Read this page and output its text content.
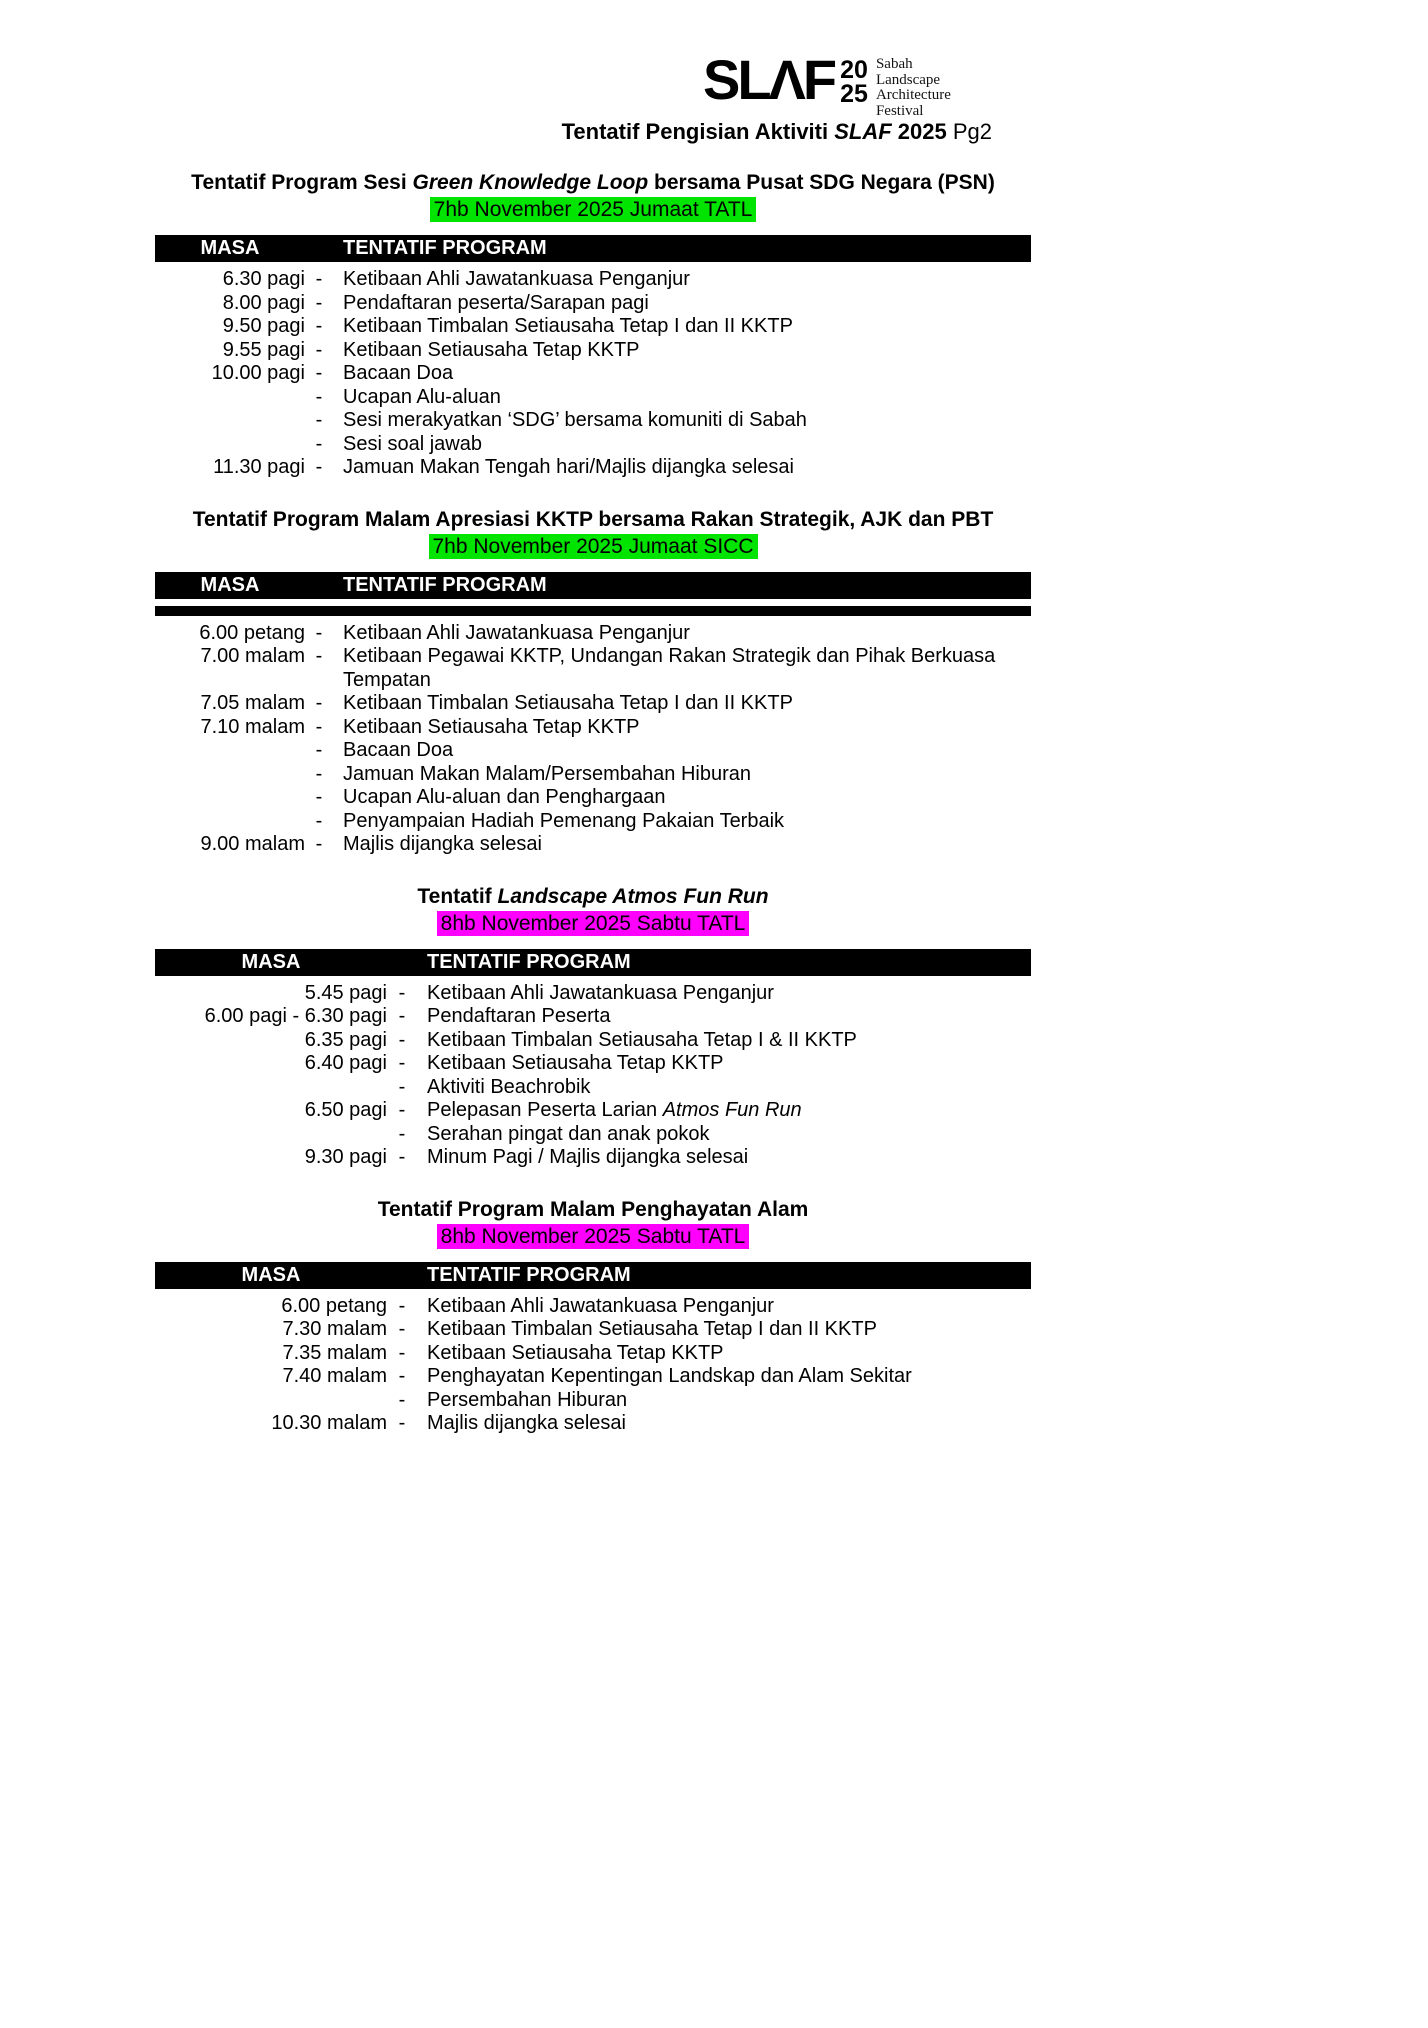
SLΛF 20
25
Sabah
Landscape
Architecture
Festival
Tentatif Pengisian Aktiviti SLAF 2025 Pg2
Tentatif Program Sesi Green Knowledge Loop bersama Pusat SDG Negara (PSN)
7hb November 2025 Jumaat TATL
MASA	TENTATIF PROGRAM
6.30 pagi -	Ketibaan Ahli Jawatankuasa Penganjur
8.00 pagi -	Pendaftaran peserta/Sarapan pagi
9.50 pagi -	Ketibaan Timbalan Setiausaha Tetap I dan II KKTP
9.55 pagi -	Ketibaan Setiausaha Tetap KKTP
10.00 pagi -	Bacaan Doa
-	Ucapan Alu-aluan
-	Sesi merakyatkan ‘SDG’ bersama komuniti di Sabah
-	Sesi soal jawab
11.30 pagi -	Jamuan Makan Tengah hari/Majlis dijangka selesai
Tentatif Program Malam Apresiasi KKTP bersama Rakan Strategik, AJK dan PBT
7hb November 2025 Jumaat SICC
MASA	TENTATIF PROGRAM
6.00 petang -	Ketibaan Ahli Jawatankuasa Penganjur
7.00 malam -	Ketibaan Pegawai KKTP, Undangan Rakan Strategik dan Pihak Berkuasa Tempatan
7.05 malam -	Ketibaan Timbalan Setiausaha Tetap I dan II KKTP
7.10 malam -	Ketibaan Setiausaha Tetap KKTP
-	Bacaan Doa
-	Jamuan Makan Malam/Persembahan Hiburan
-	Ucapan Alu-aluan dan Penghargaan
-	Penyampaian Hadiah Pemenang Pakaian Terbaik
9.00 malam -	Majlis dijangka selesai
Tentatif Landscape Atmos Fun Run
8hb November 2025 Sabtu TATL
MASA	TENTATIF PROGRAM
5.45 pagi -	Ketibaan Ahli Jawatankuasa Penganjur
6.00 pagi - 6.30 pagi -	Pendaftaran Peserta
6.35 pagi -	Ketibaan Timbalan Setiausaha Tetap I & II KKTP
6.40 pagi -	Ketibaan Setiausaha Tetap KKTP
-	Aktiviti Beachrobik
6.50 pagi -	Pelepasan Peserta Larian Atmos Fun Run
-	Serahan pingat dan anak pokok
9.30 pagi -	Minum Pagi / Majlis dijangka selesai
Tentatif Program Malam Penghayatan Alam
8hb November 2025 Sabtu TATL
MASA	TENTATIF PROGRAM
6.00 petang -	Ketibaan Ahli Jawatankuasa Penganjur
7.30 malam -	Ketibaan Timbalan Setiausaha Tetap I dan II KKTP
7.35 malam -	Ketibaan Setiausaha Tetap KKTP
7.40 malam -	Penghayatan Kepentingan Landskap dan Alam Sekitar
-	Persembahan Hiburan
10.30 malam -	Majlis dijangka selesai
